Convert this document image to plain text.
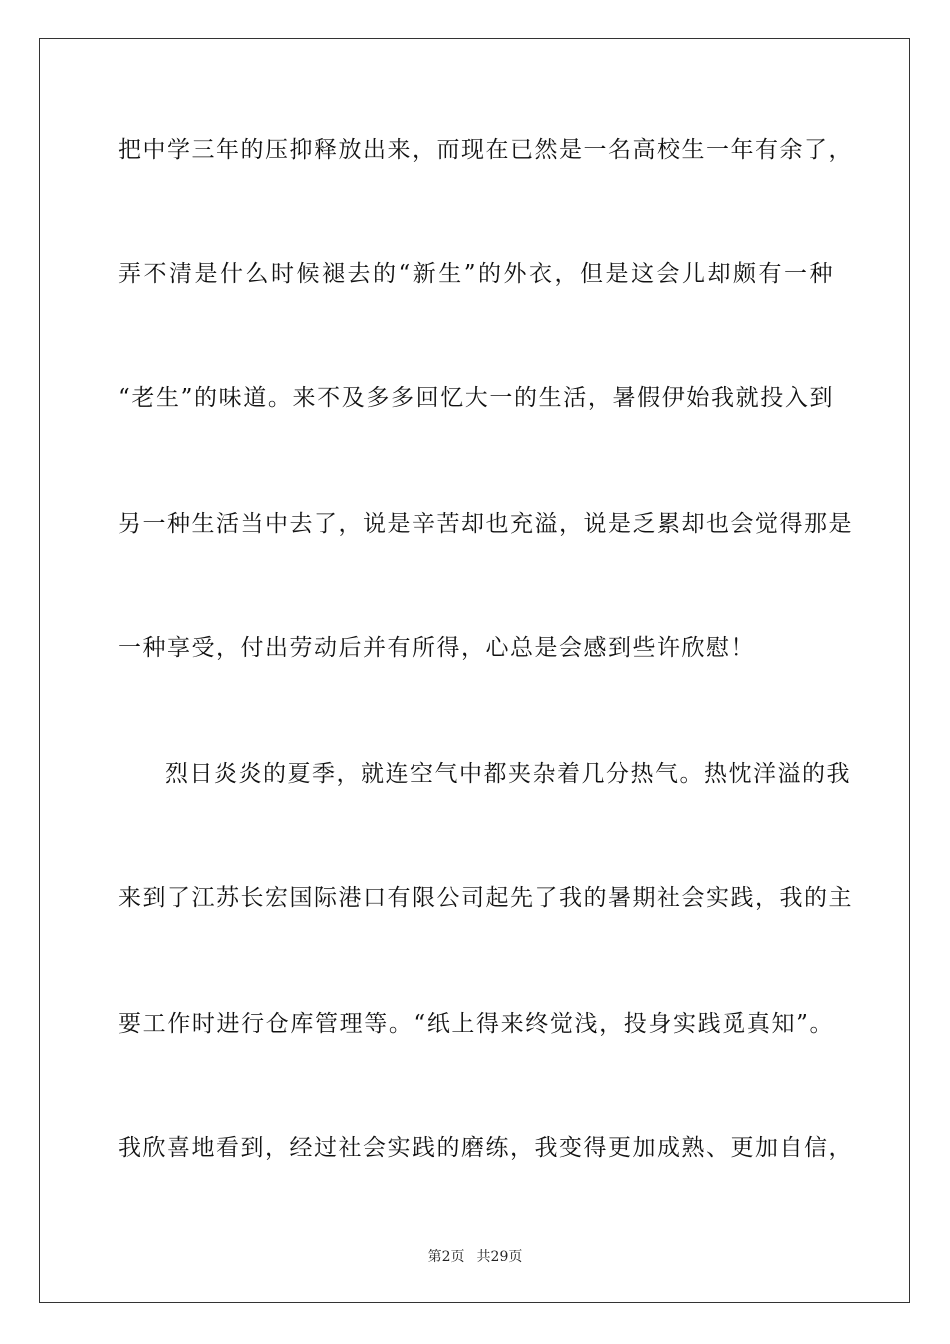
把中学三年的压抑释放出来，而现在已然是一名高校生一年有余了，
弄不清是什么时候褪去的“新生”的外衣，但是这会儿却颇有一种
“老生”的味道。来不及多多回忆大一的生活，暑假伊始我就投入到
另一种生活当中去了，说是辛苦却也充溢，说是乏累却也会觉得那是
一种享受，付出劳动后并有所得，心总是会感到些许欣慰！
烈日炎炎的夏季，就连空气中都夹杂着几分热气。热忱洋溢的我
来到了江苏长宏国际港口有限公司起先了我的暑期社会实践，我的主
要工作时进行仓库管理等。“纸上得来终觉浅，投身实践觅真知”。
我欣喜地看到，经过社会实践的磨练，我变得更加成熟、更加自信，
第2页 共29页
